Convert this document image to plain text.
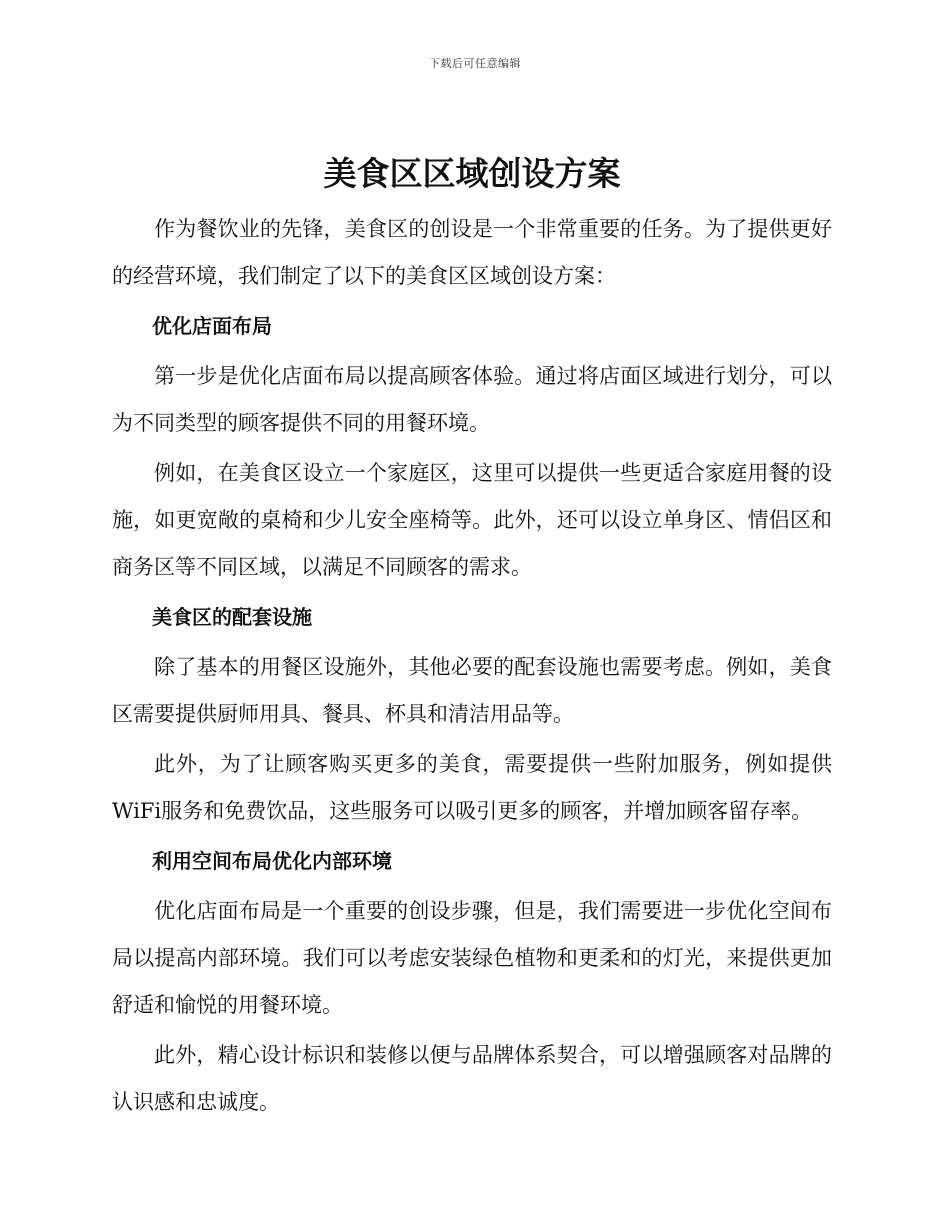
下载后可任意编辑
美食区区域创设方案

作为餐饮业的先锋，美食区的创设是一个非常重要的任务。为了提供更好的经营环境，我们制定了以下的美食区区域创设方案：

优化店面布局

第一步是优化店面布局以提高顾客体验。通过将店面区域进行划分，可以为不同类型的顾客提供不同的用餐环境。

例如，在美食区设立一个家庭区，这里可以提供一些更适合家庭用餐的设施，如更宽敞的桌椅和少儿安全座椅等。此外，还可以设立单身区、情侣区和商务区等不同区域，以满足不同顾客的需求。

美食区的配套设施

除了基本的用餐区设施外，其他必要的配套设施也需要考虑。例如，美食区需要提供厨师用具、餐具、杯具和清洁用品等。

此外，为了让顾客购买更多的美食，需要提供一些附加服务，例如提供WiFi服务和免费饮品，这些服务可以吸引更多的顾客，并增加顾客留存率。

利用空间布局优化内部环境

优化店面布局是一个重要的创设步骤，但是，我们需要进一步优化空间布局以提高内部环境。我们可以考虑安装绿色植物和更柔和的灯光，来提供更加舒适和愉悦的用餐环境。

此外，精心设计标识和装修以便与品牌体系契合，可以增强顾客对品牌的认识感和忠诚度。
